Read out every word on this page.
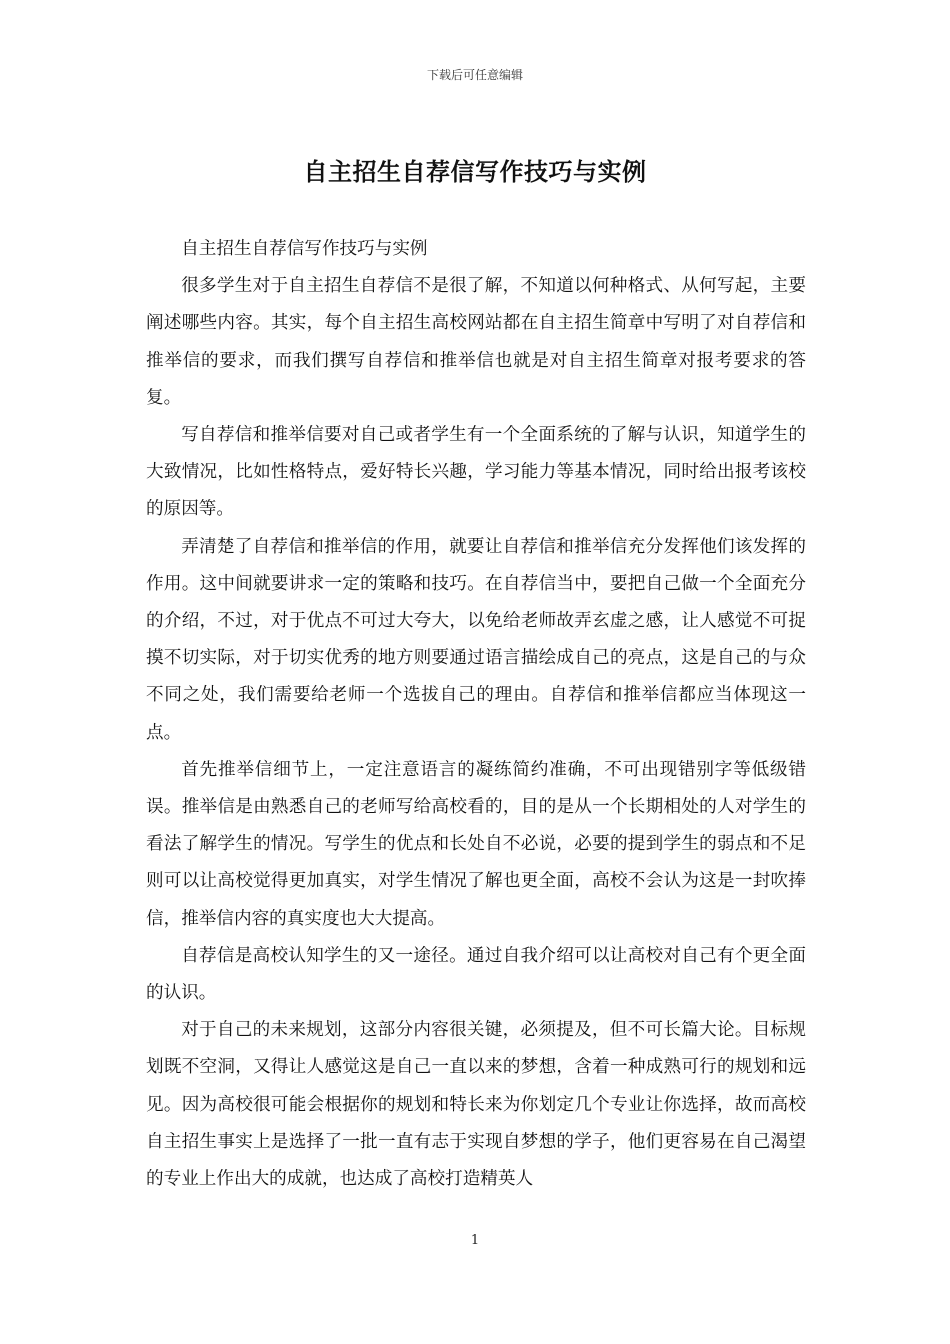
下载后可任意编辑
自主招生自荐信写作技巧与实例

自主招生自荐信写作技巧与实例

很多学生对于自主招生自荐信不是很了解，不知道以何种格式、从何写起，主要阐述哪些内容。其实，每个自主招生高校网站都在自主招生简章中写明了对自荐信和推举信的要求，而我们撰写自荐信和推举信也就是对自主招生简章对报考要求的答复。

写自荐信和推举信要对自己或者学生有一个全面系统的了解与认识，知道学生的大致情况，比如性格特点，爱好特长兴趣，学习能力等基本情况，同时给出报考该校的原因等。

弄清楚了自荐信和推举信的作用，就要让自荐信和推举信充分发挥他们该发挥的作用。这中间就要讲求一定的策略和技巧。在自荐信当中，要把自己做一个全面充分的介绍，不过，对于优点不可过大夸大，以免给老师故弄玄虚之感，让人感觉不可捉摸不切实际，对于切实优秀的地方则要通过语言描绘成自己的亮点，这是自己的与众不同之处，我们需要给老师一个选拔自己的理由。自荐信和推举信都应当体现这一点。

首先推举信细节上，一定注意语言的凝练简约准确，不可出现错别字等低级错误。推举信是由熟悉自己的老师写给高校看的，目的是从一个长期相处的人对学生的看法了解学生的情况。写学生的优点和长处自不必说，必要的提到学生的弱点和不足则可以让高校觉得更加真实，对学生情况了解也更全面，高校不会认为这是一封吹捧信，推举信内容的真实度也大大提高。

自荐信是高校认知学生的又一途径。通过自我介绍可以让高校对自己有个更全面的认识。

对于自己的未来规划，这部分内容很关键，必须提及，但不可长篇大论。目标规划既不空洞，又得让人感觉这是自己一直以来的梦想，含着一种成熟可行的规划和远见。因为高校很可能会根据你的规划和特长来为你划定几个专业让你选择，故而高校自主招生事实上是选择了一批一直有志于实现自梦想的学子，他们更容易在自己渴望的专业上作出大的成就，也达成了高校打造精英人

1
